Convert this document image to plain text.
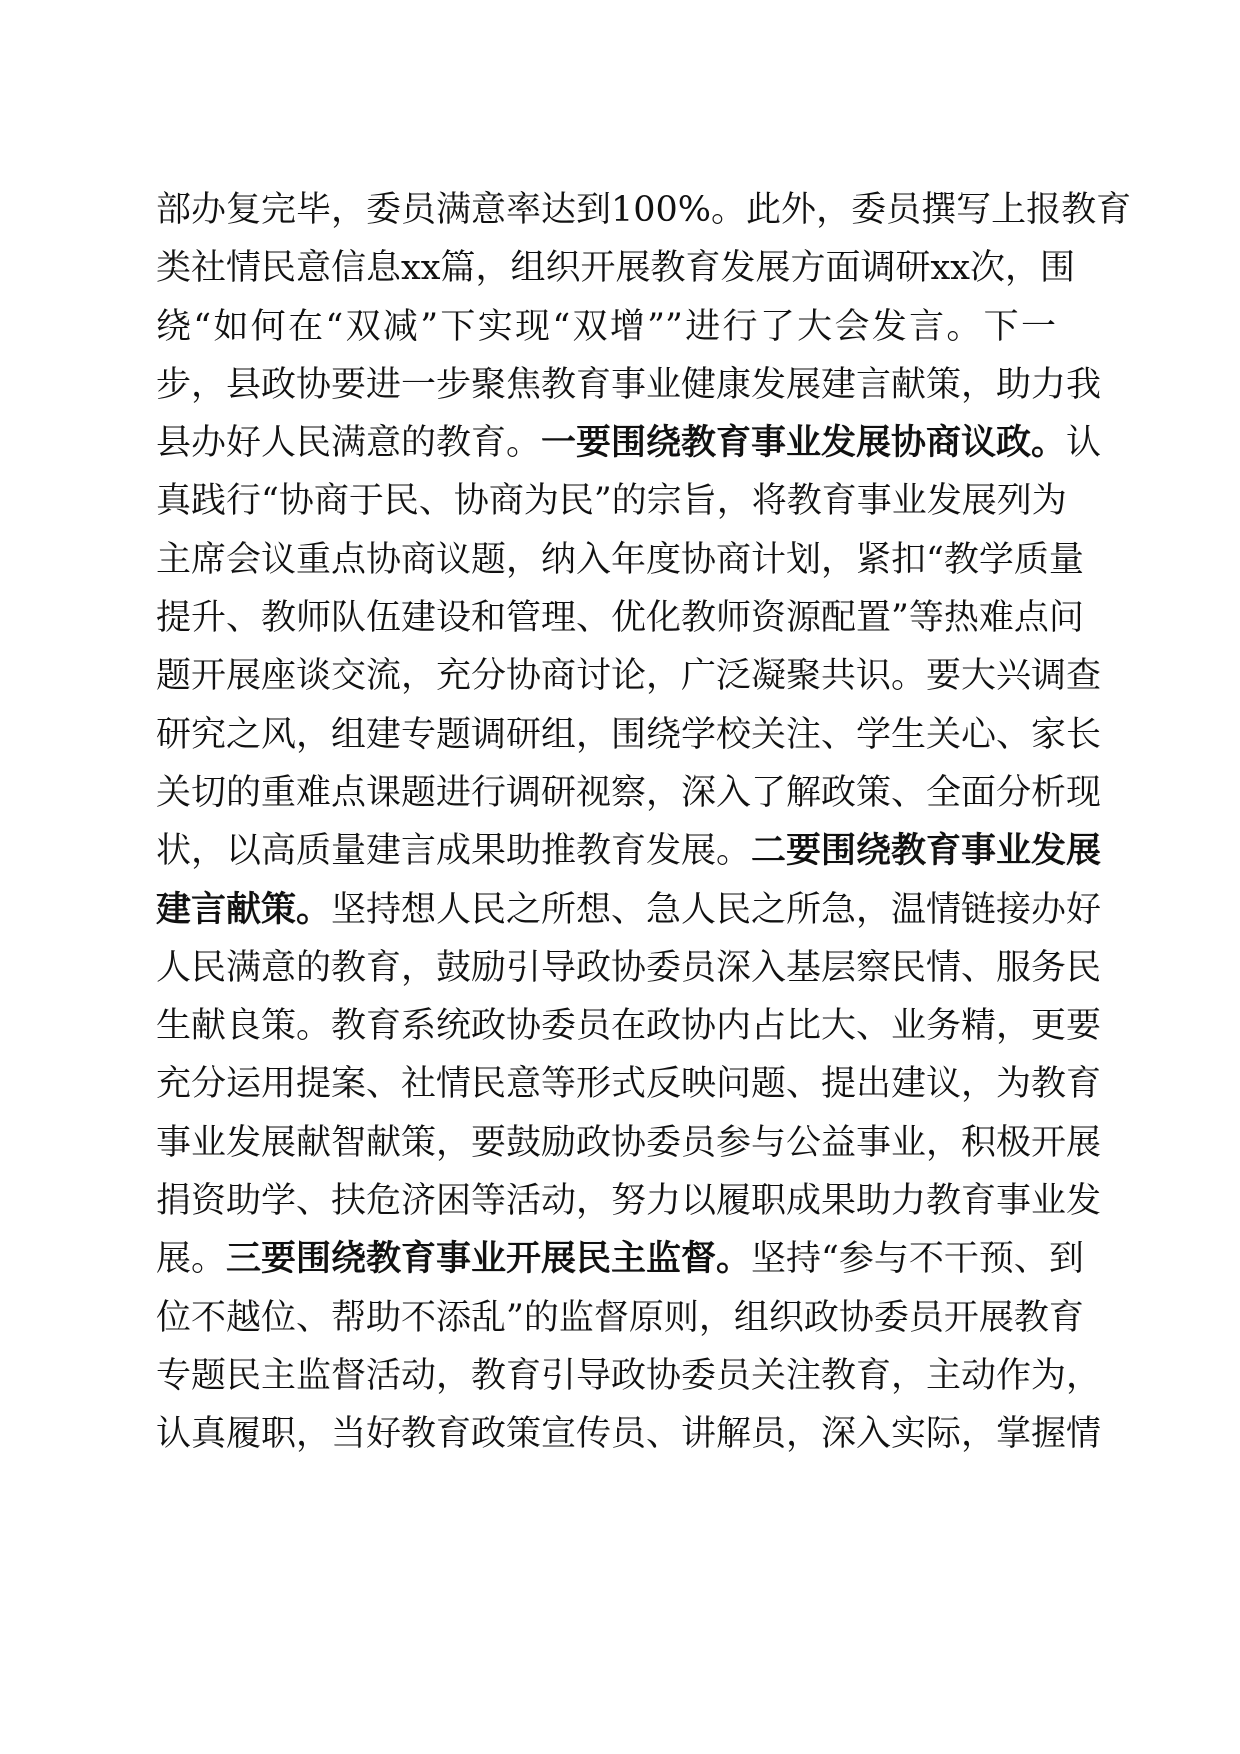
部办复完毕，委员满意率达到100%。此外，委员撰写上报教育
类社情民意信息xx篇，组织开展教育发展方面调研xx次，围
绕“如何在“双减”下实现“双增””进行了大会发言。下一
步，县政协要进一步聚焦教育事业健康发展建言献策，助力我
县办好人民满意的教育。一要围绕教育事业发展协商议政。认
真践行“协商于民、协商为民”的宗旨，将教育事业发展列为
主席会议重点协商议题，纳入年度协商计划，紧扣“教学质量
提升、教师队伍建设和管理、优化教师资源配置”等热难点问
题开展座谈交流，充分协商讨论，广泛凝聚共识。要大兴调查
研究之风，组建专题调研组，围绕学校关注、学生关心、家长
关切的重难点课题进行调研视察，深入了解政策、全面分析现
状，以高质量建言成果助推教育发展。二要围绕教育事业发展
建言献策。坚持想人民之所想、急人民之所急，温情链接办好
人民满意的教育，鼓励引导政协委员深入基层察民情、服务民
生献良策。教育系统政协委员在政协内占比大、业务精，更要
充分运用提案、社情民意等形式反映问题、提出建议，为教育
事业发展献智献策，要鼓励政协委员参与公益事业，积极开展
捐资助学、扶危济困等活动，努力以履职成果助力教育事业发
展。三要围绕教育事业开展民主监督。坚持“参与不干预、到
位不越位、帮助不添乱”的监督原则，组织政协委员开展教育
专题民主监督活动，教育引导政协委员关注教育，主动作为，
认真履职，当好教育政策宣传员、讲解员，深入实际，掌握情
